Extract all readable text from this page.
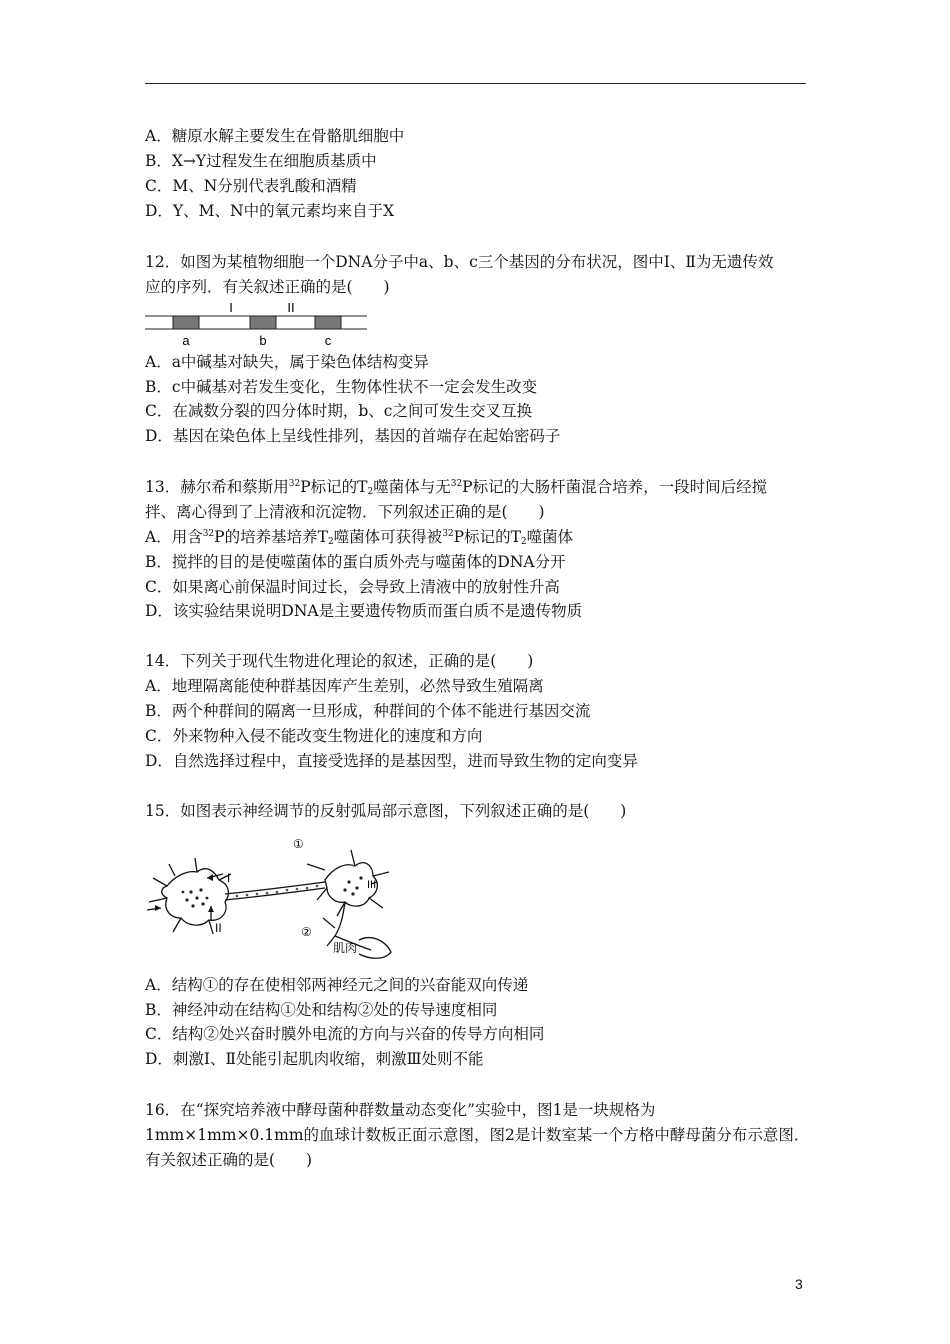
A．糖原水解主要发生在骨骼肌细胞中
B．X→Y过程发生在细胞质基质中
C．M、N分别代表乳酸和酒精
D．Y、M、N中的氧元素均来自于X
12．如图为某植物细胞一个DNA分子中a、b、c三个基因的分布状况，图中Ⅰ、Ⅱ为无遗传效
应的序列．有关叙述正确的是(　　)
I	II
a	b	c
A．a中碱基对缺失，属于染色体结构变异
B．c中碱基对若发生变化，生物体性状不一定会发生改变
C．在减数分裂的四分体时期，b、c之间可发生交叉互换
D．基因在染色体上呈线性排列，基因的首端存在起始密码子
13．赫尔希和蔡斯用$^{32}$P标记的$T_2$噬菌体与无$^{32}$P标记的大肠杆菌混合培养，一段时间后经搅
拌、离心得到了上清液和沉淀物．下列叙述正确的是(　　)
A．用含$^{32}$P的培养基培养$T_2$噬菌体可获得被$^{32}$P标记的$T_2$噬菌体
B．搅拌的目的是使噬菌体的蛋白质外壳与噬菌体的DNA分开
C．如果离心前保温时间过长，会导致上清液中的放射性升高
D．该实验结果说明DNA是主要遗传物质而蛋白质不是遗传物质
14．下列关于现代生物进化理论的叙述，正确的是(　　)
A．地理隔离能使种群基因库产生差别，必然导致生殖隔离
B．两个种群间的隔离一旦形成，种群间的个体不能进行基因交流
C．外来物种入侵不能改变生物进化的速度和方向
D．自然选择过程中，直接受选择的是基因型，进而导致生物的定向变异
15．如图表示神经调节的反射弧局部示意图，下列叙述正确的是(　　)
①
I	III
II	②
肌肉
A．结构①的存在使相邻两神经元之间的兴奋能双向传递
B．神经冲动在结构①处和结构②处的传导速度相同
C．结构②处兴奋时膜外电流的方向与兴奋的传导方向相同
D．刺激Ⅰ、Ⅱ处能引起肌肉收缩，刺激Ⅲ处则不能
16．在“探究培养液中酵母菌种群数量动态变化”实验中，图1是一块规格为
1mm×1mm×0.1mm的血球计数板正面示意图，图2是计数室某一个方格中酵母菌分布示意图．
有关叙述正确的是(　　)
3
